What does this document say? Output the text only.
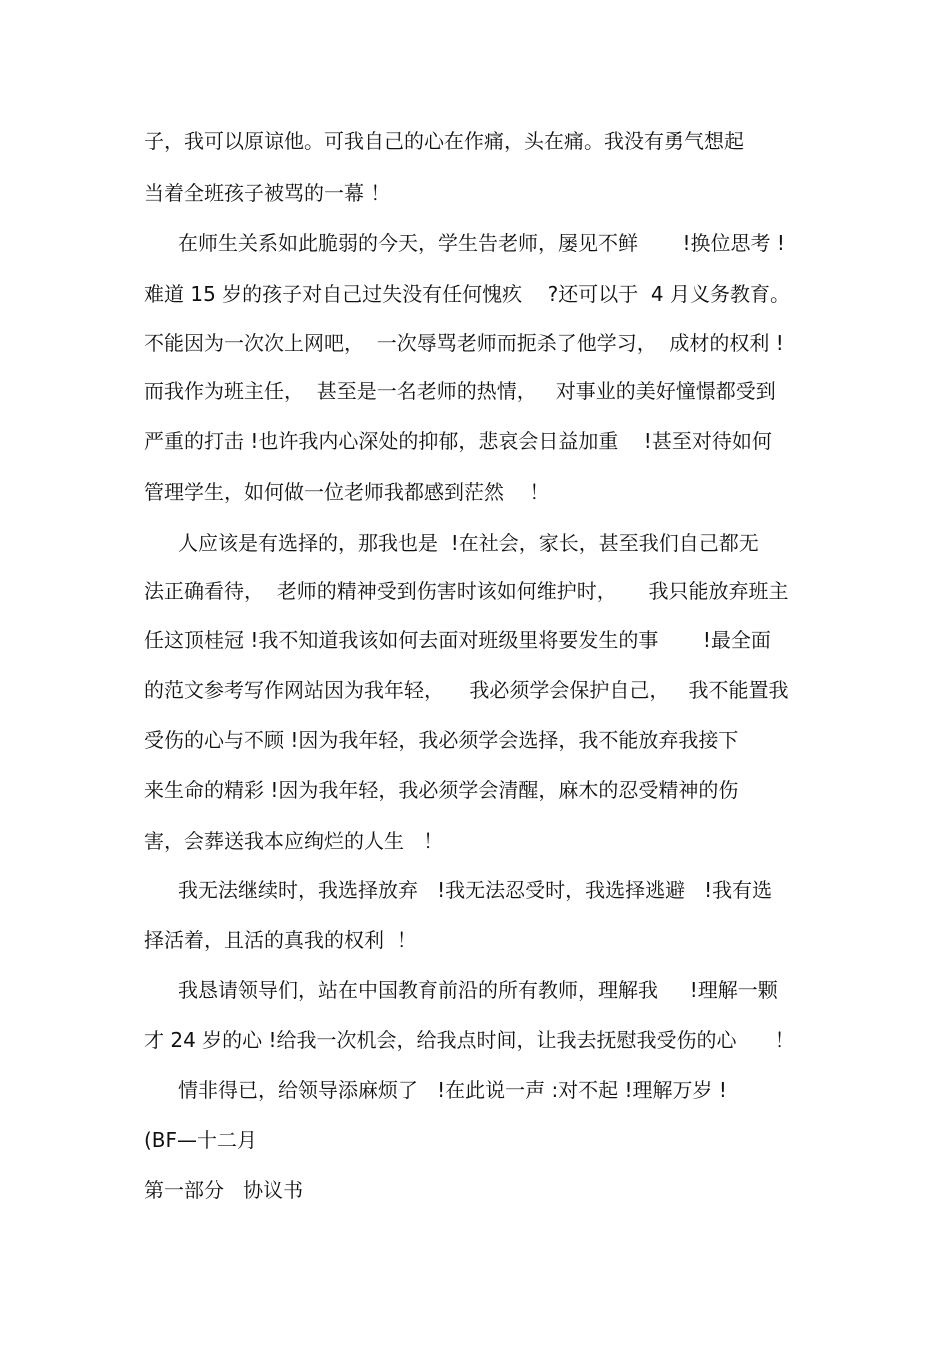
子，我可以原谅他。可我自己的心在作痛，头在痛。我没有勇气想起
当着全班孩子被骂的一幕 ！
在师生关系如此脆弱的今天，学生告老师，屡见不鲜       !换位思考 !
难道 15 岁的孩子对自己过失没有任何愧疚    ?还可以于  4 月义务教育。
不能因为一次次上网吧，  一次辱骂老师而扼杀了他学习，  成材的权利 !
而我作为班主任，  甚至是一名老师的热情，   对事业的美好憧憬都受到
严重的打击 !也许我内心深处的抑郁，悲哀会日益加重    !甚至对待如何
管理学生，如何做一位老师我都感到茫然    ！
人应该是有选择的，那我也是  !在社会，家长，甚至我们自己都无
法正确看待，  老师的精神受到伤害时该如何维护时，     我只能放弃班主
任这顶桂冠 !我不知道我该如何去面对班级里将要发生的事       !最全面
的范文参考写作网站因为我年轻，    我必须学会保护自己，   我不能置我
受伤的心与不顾 !因为我年轻，我必须学会选择，我不能放弃我接下
来生命的精彩 !因为我年轻，我必须学会清醒，麻木的忍受精神的伤
害，会葬送我本应绚烂的人生   ！
我无法继续时，我选择放弃   !我无法忍受时，我选择逃避   !我有选
择活着，且活的真我的权利  ！
我恳请领导们，站在中国教育前沿的所有教师，理解我     !理解一颗
才 24 岁的心 !给我一次机会，给我点时间，让我去抚慰我受伤的心      ！
情非得已，给领导添麻烦了   !在此说一声 :对不起 !理解万岁 !
(BF—十二月
第一部分   协议书
